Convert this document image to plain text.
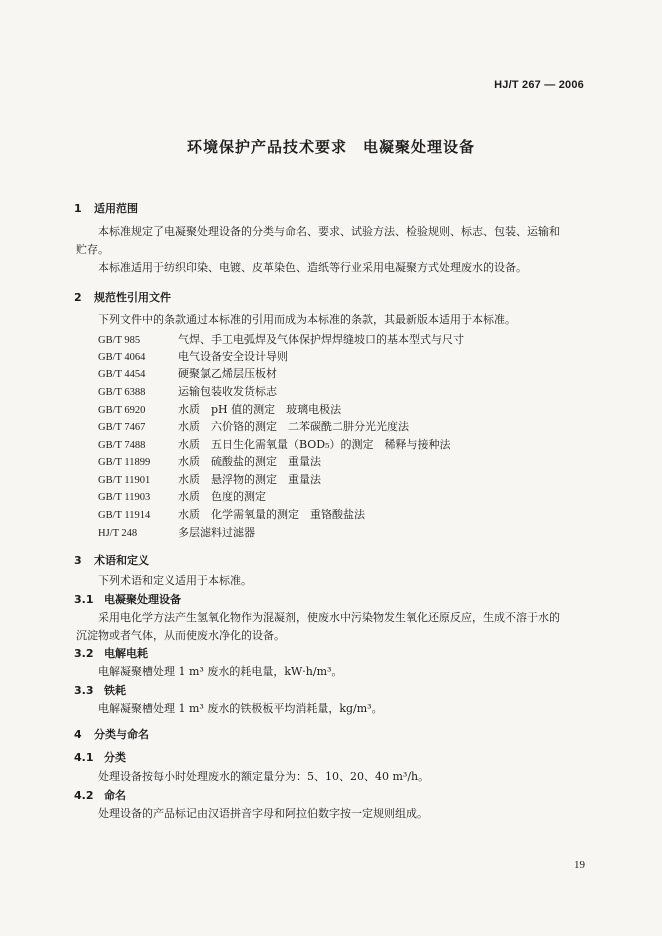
HJ/T 267 — 2006
环境保护产品技术要求　电凝聚处理设备
1 适用范围
本标准规定了电凝聚处理设备的分类与命名、要求、试验方法、检验规则、标志、包装、运输和
贮存。
本标准适用于纺织印染、电镀、皮革染色、造纸等行业采用电凝聚方式处理废水的设备。
2 规范性引用文件
下列文件中的条款通过本标准的引用而成为本标准的条款，其最新版本适用于本标准。
GB/T 985	气焊、手工电弧焊及气体保护焊焊缝坡口的基本型式与尺寸
GB/T 4064	电气设备安全设计导则
GB/T 4454	硬聚氯乙烯层压板材
GB/T 6388	运输包装收发货标志
GB/T 6920	水质　pH 值的测定　玻璃电极法
GB/T 7467	水质　六价铬的测定　二苯碳酰二肼分光光度法
GB/T 7488	水质　五日生化需氧量（BOD₅）的测定　稀释与接种法
GB/T 11899	水质　硫酸盐的测定　重量法
GB/T 11901	水质　悬浮物的测定　重量法
GB/T 11903	水质　色度的测定
GB/T 11914	水质　化学需氧量的测定　重铬酸盐法
HJ/T 248	多层滤料过滤器
3 术语和定义
下列术语和定义适用于本标准。
3.1 电凝聚处理设备
采用电化学方法产生氢氧化物作为混凝剂，使废水中污染物发生氧化还原反应，生成不溶于水的
沉淀物或者气体，从而使废水净化的设备。
3.2 电解电耗
电解凝聚槽处理 1 m³ 废水的耗电量，kW·h/m³。
3.3 铁耗
电解凝聚槽处理 1 m³ 废水的铁极板平均消耗量，kg/m³。
4 分类与命名
4.1 分类
处理设备按每小时处理废水的额定量分为：5、10、20、40 m³/h。
4.2 命名
处理设备的产品标记由汉语拼音字母和阿拉伯数字按一定规则组成。
19
